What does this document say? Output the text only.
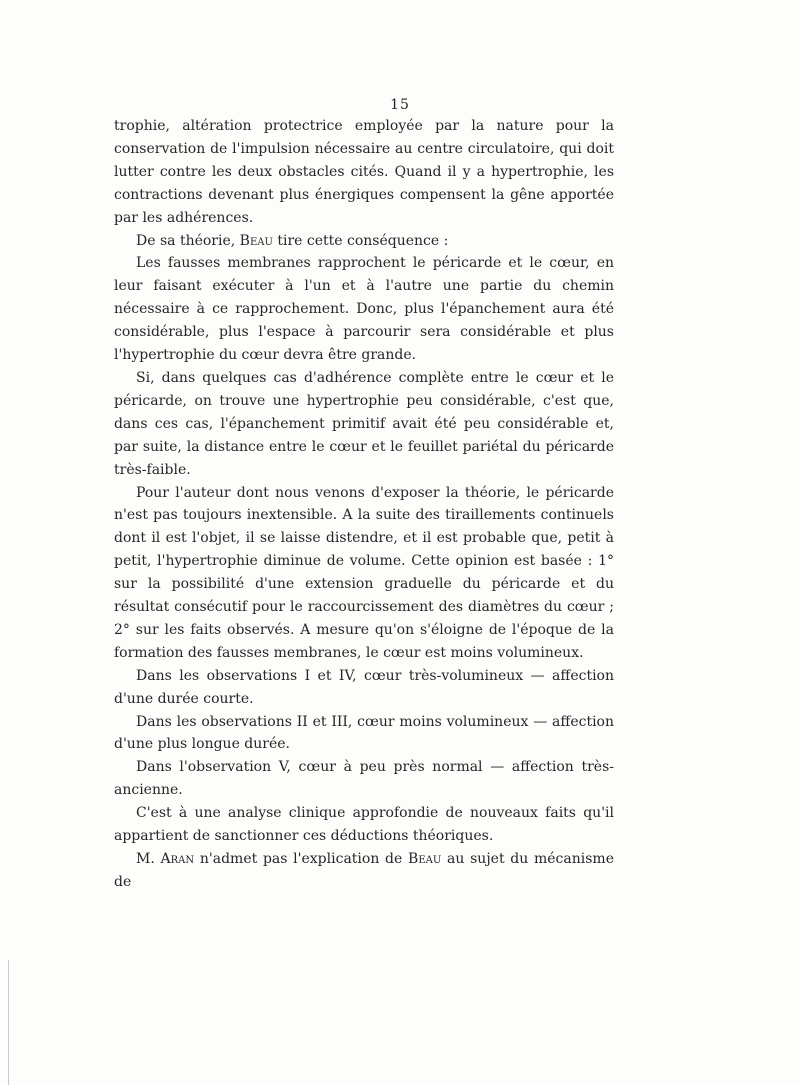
15

trophie, altération protectrice employée par la nature pour la conservation de l'impulsion nécessaire au centre circulatoire, qui doit lutter contre les deux obstacles cités. Quand il y a hypertrophie, les contractions devenant plus énergiques compensent la gêne apportée par les adhérences.

De sa théorie, Beau tire cette conséquence :

Les fausses membranes rapprochent le péricarde et le cœur, en leur faisant exécuter à l'un et à l'autre une partie du chemin nécessaire à ce rapprochement. Donc, plus l'épanchement aura été considérable, plus l'espace à parcourir sera considérable et plus l'hypertrophie du cœur devra être grande.

Si, dans quelques cas d'adhérence complète entre le cœur et le péricarde, on trouve une hypertrophie peu considérable, c'est que, dans ces cas, l'épanchement primitif avait été peu considérable et, par suite, la distance entre le cœur et le feuillet pariétal du péricarde très-faible.

Pour l'auteur dont nous venons d'exposer la théorie, le péricarde n'est pas toujours inextensible. A la suite des tiraillements continuels dont il est l'objet, il se laisse distendre, et il est probable que, petit à petit, l'hypertrophie diminue de volume. Cette opinion est basée : 1° sur la possibilité d'une extension graduelle du péricarde et du résultat consécutif pour le raccourcissement des diamètres du cœur ; 2° sur les faits observés. A mesure qu'on s'éloigne de l'époque de la formation des fausses membranes, le cœur est moins volumineux.

Dans les observations I et IV, cœur très-volumineux — affection d'une durée courte.

Dans les observations II et III, cœur moins volumineux — affection d'une plus longue durée.

Dans l'observation V, cœur à peu près normal — affection très-ancienne.

C'est à une analyse clinique approfondie de nouveaux faits qu'il appartient de sanctionner ces déductions théoriques.

M. Aran n'admet pas l'explication de Beau au sujet du mécanisme de
